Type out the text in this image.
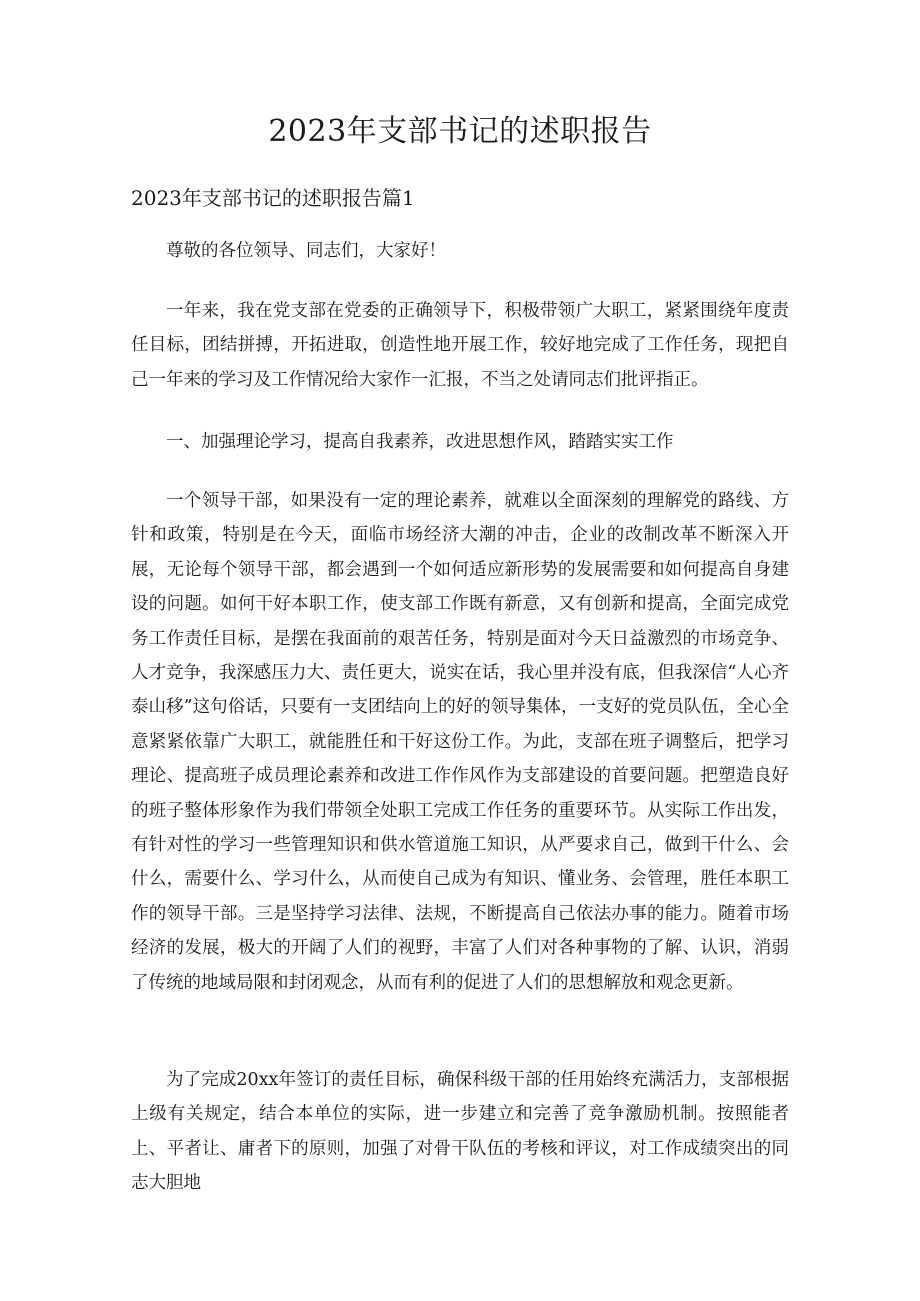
2023年支部书记的述职报告
2023年支部书记的述职报告篇1

尊敬的各位领导、同志们，大家好！

一年来，我在党支部在党委的正确领导下，积极带领广大职工，紧紧围绕年度责任目标，团结拼搏，开拓进取，创造性地开展工作，较好地完成了工作任务，现把自己一年来的学习及工作情况给大家作一汇报，不当之处请同志们批评指正。

一、加强理论学习，提高自我素养，改进思想作风，踏踏实实工作

一个领导干部，如果没有一定的理论素养，就难以全面深刻的理解党的路线、方针和政策，特别是在今天，面临市场经济大潮的冲击，企业的改制改革不断深入开展，无论每个领导干部，都会遇到一个如何适应新形势的发展需要和如何提高自身建设的问题。如何干好本职工作，使支部工作既有新意，又有创新和提高，全面完成党务工作责任目标，是摆在我面前的艰苦任务，特别是面对今天日益激烈的市场竞争、人才竞争，我深感压力大、责任更大，说实在话，我心里并没有底，但我深信“人心齐泰山移”这句俗话，只要有一支团结向上的好的领导集体，一支好的党员队伍，全心全意紧紧依靠广大职工，就能胜任和干好这份工作。为此，支部在班子调整后，把学习理论、提高班子成员理论素养和改进工作作风作为支部建设的首要问题。把塑造良好的班子整体形象作为我们带领全处职工完成工作任务的重要环节。从实际工作出发，有针对性的学习一些管理知识和供水管道施工知识，从严要求自己，做到干什么、会什么，需要什么、学习什么，从而使自己成为有知识、懂业务、会管理，胜任本职工作的领导干部。三是坚持学习法律、法规，不断提高自己依法办事的能力。随着市场经济的发展，极大的开阔了人们的视野，丰富了人们对各种事物的了解、认识，消弱了传统的地域局限和封闭观念，从而有利的促进了人们的思想解放和观念更新。

为了完成20xx年签订的责任目标，确保科级干部的任用始终充满活力，支部根据上级有关规定，结合本单位的实际，进一步建立和完善了竞争激励机制。按照能者上、平者让、庸者下的原则，加强了对骨干队伍的考核和评议，对工作成绩突出的同志大胆地
